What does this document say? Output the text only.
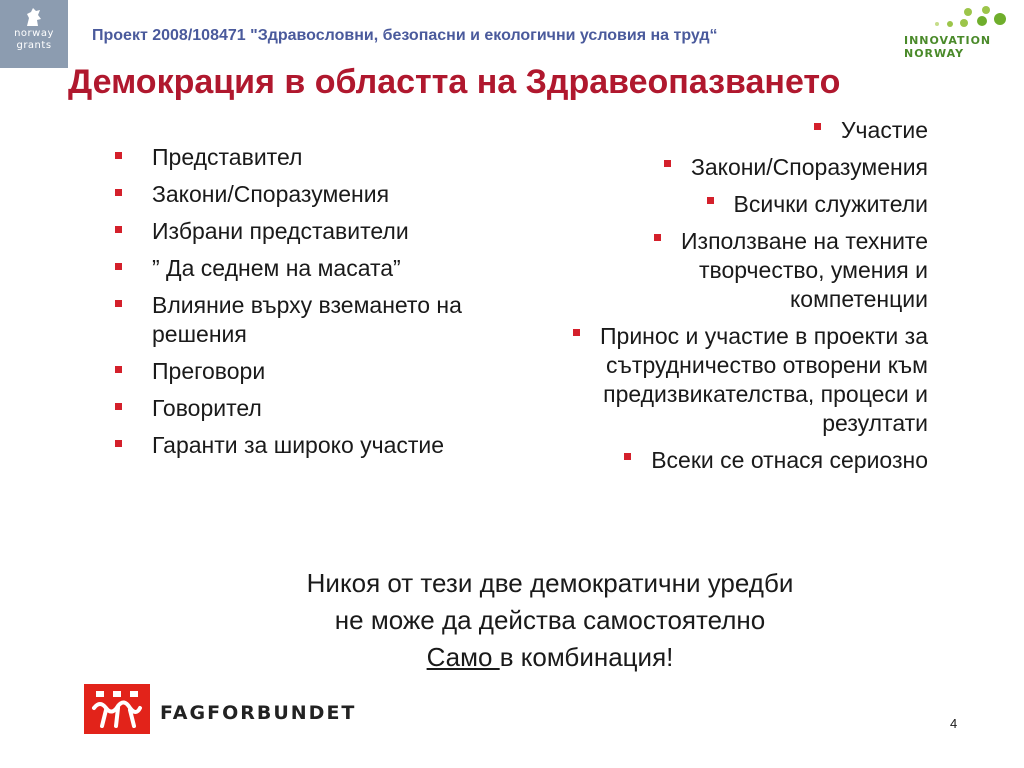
norway
grants
Проект 2008/108471 "Здравословни, безопасни и екологични условия на труд“	INNOVATION
NORWAY
Демокрация в областта на Здравеопазването
Представител
Закони/Споразумения
Избрани представители
” Да седнем на масата”
Влияние върху вземането на решения
Преговори
Говорител
Гаранти за широко участие
Участие
Закони/Споразумения
Всички служители
Използване на техните творчество, умения и компетенции
Принос и участие в проекти за сътрудничество отворени към предизвикателства, процеси и резултати
Всеки се отнася сериозно
Никоя от тези две демократични уредби
не може да действа самостоятелно
Само в комбинация!
FAGFORBUNDET	4
